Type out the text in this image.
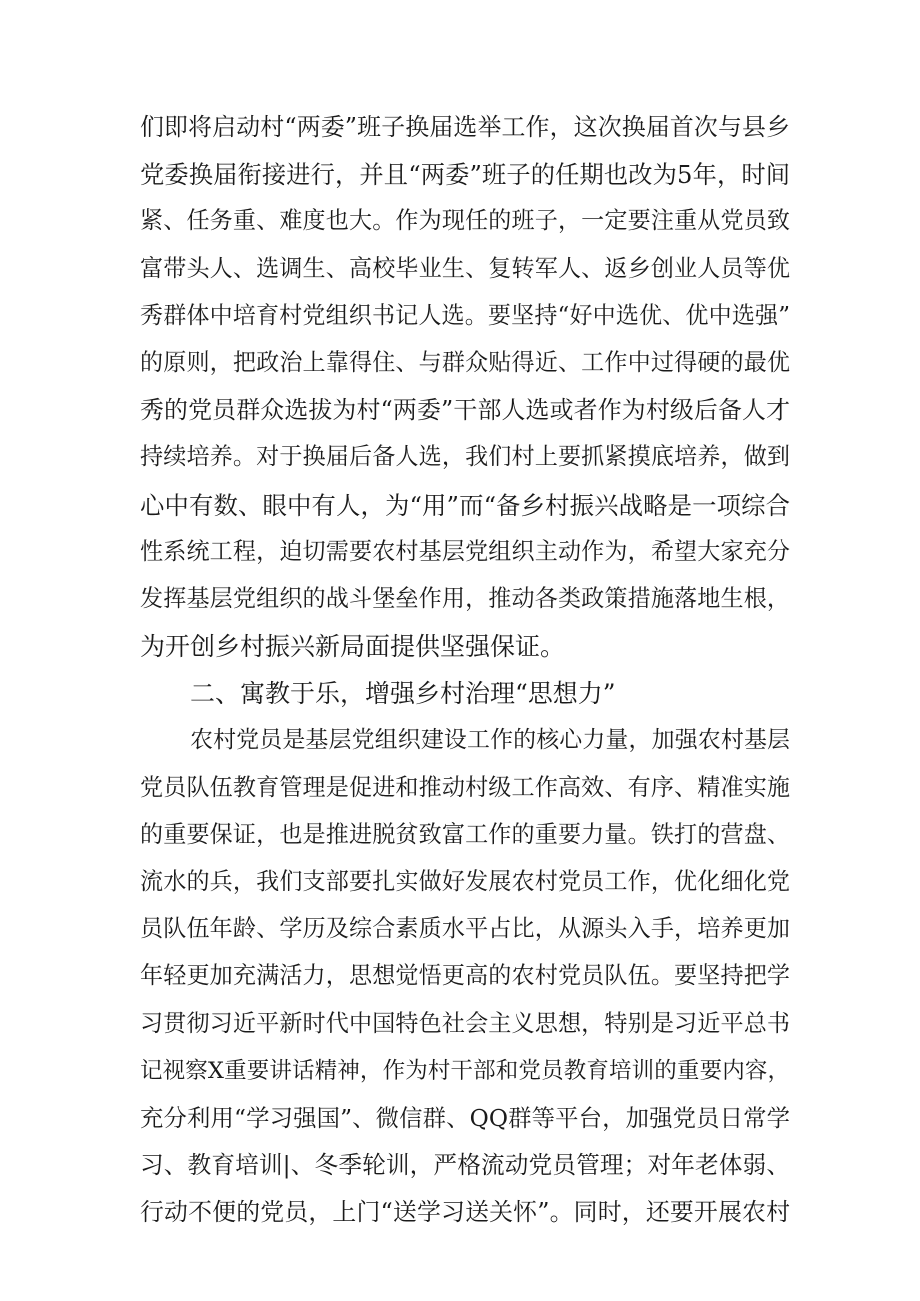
们即将启动村“两委”班子换届选举工作，这次换届首次与县乡
党委换届衔接进行，并且“两委”班子的任期也改为5年，时间
紧、任务重、难度也大。作为现任的班子，一定要注重从党员致
富带头人、选调生、高校毕业生、复转军人、返乡创业人员等优
秀群体中培育村党组织书记人选。要坚持“好中选优、优中选强”
的原则，把政治上靠得住、与群众贴得近、工作中过得硬的最优
秀的党员群众选拔为村“两委”干部人选或者作为村级后备人才
持续培养。对于换届后备人选，我们村上要抓紧摸底培养，做到
心中有数、眼中有人，为“用”而“备乡村振兴战略是一项综合
性系统工程，迫切需要农村基层党组织主动作为，希望大家充分
发挥基层党组织的战斗堡垒作用，推动各类政策措施落地生根，
为开创乡村振兴新局面提供坚强保证。
二、寓教于乐，增强乡村治理“思想力”
农村党员是基层党组织建设工作的核心力量，加强农村基层
党员队伍教育管理是促进和推动村级工作高效、有序、精准实施
的重要保证，也是推进脱贫致富工作的重要力量。铁打的营盘、
流水的兵，我们支部要扎实做好发展农村党员工作，优化细化党
员队伍年龄、学历及综合素质水平占比，从源头入手，培养更加
年轻更加充满活力，思想觉悟更高的农村党员队伍。要坚持把学
习贯彻习近平新时代中国特色社会主义思想，特别是习近平总书
记视察X重要讲话精神，作为村干部和党员教育培训的重要内容，
充分利用“学习强国”、微信群、QQ群等平台，加强党员日常学
习、教育培训|、冬季轮训，严格流动党员管理；对年老体弱、
行动不便的党员，上门“送学习送关怀”。同时，还要开展农村
